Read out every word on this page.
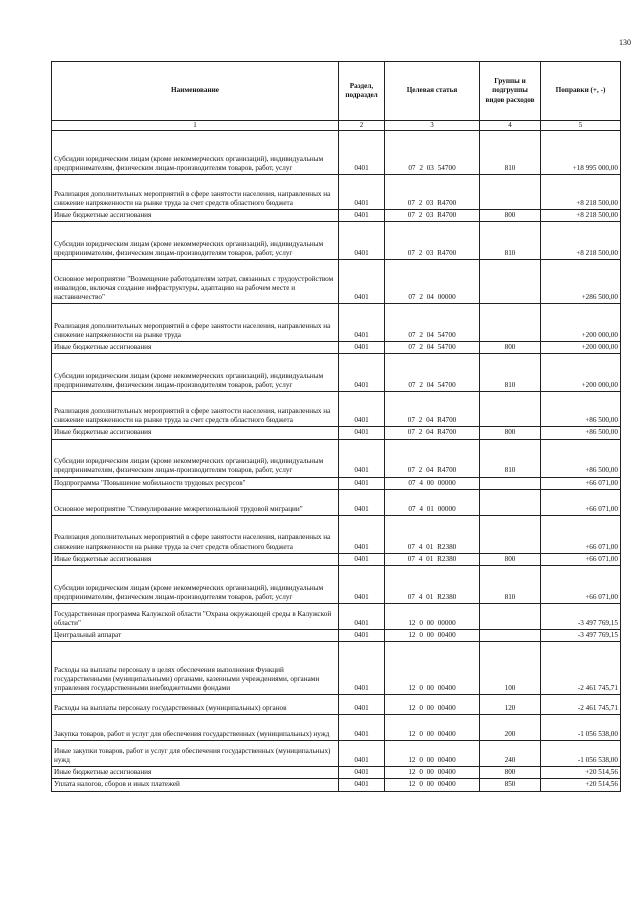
130
Наименование	Раздел, подраздел	Целевая статья	Группы и подгруппы видов расходов	Поправки (+, -)
1	2	3	4	5
Субсидии юридическим лицам (кроме некоммерческих организаций), индивидуальным предпринимателям, физическим лицам-производителям товаров, работ, услуг	0401	07 2 03 54700	810	+18 995 000,00
Реализация дополнительных мероприятий в сфере занятости населения, направленных на снижение напряженности на рынке труда за счет средств областного бюджета	0401	07 2 03 R4700		+8 218 500,00
Иные бюджетные ассигнования	0401	07 2 03 R4700	800	+8 218 500,00
Субсидии юридическим лицам (кроме некоммерческих организаций), индивидуальным предпринимателям, физическим лицам-производителям товаров, работ, услуг	0401	07 2 03 R4700	810	+8 218 500,00
Основное мероприятие "Возмещение работодателям затрат, связанных с трудоустройством инвалидов, включая создание инфраструктуры, адаптацию на рабочем месте и наставничество"	0401	07 2 04 00000		+286 500,00
Реализация дополнительных мероприятий в сфере занятости населения, направленных на снижение напряженности на рынке труда	0401	07 2 04 54700		+200 000,00
Иные бюджетные ассигнования	0401	07 2 04 54700	800	+200 000,00
Субсидии юридическим лицам (кроме некоммерческих организаций), индивидуальным предпринимателям, физическим лицам-производителям товаров, работ, услуг	0401	07 2 04 54700	810	+200 000,00
Реализация дополнительных мероприятий в сфере занятости населения, направленных на снижение напряженности на рынке труда за счет средств областного бюджета	0401	07 2 04 R4700		+86 500,00
Иные бюджетные ассигнования	0401	07 2 04 R4700	800	+86 500,00
Субсидии юридическим лицам (кроме некоммерческих организаций), индивидуальным предпринимателям, физическим лицам-производителям товаров, работ, услуг	0401	07 2 04 R4700	810	+86 500,00
Подпрограмма "Повышение мобильности трудовых ресурсов"	0401	07 4 00 00000		+66 071,00
Основное мероприятие "Стимулирование межрегиональной трудовой миграции"	0401	07 4 01 00000		+66 071,00
Реализация дополнительных мероприятий в сфере занятости населения, направленных на снижение напряженности на рынке труда за счет средств областного бюджета	0401	07 4 01 R2380		+66 071,00
Иные бюджетные ассигнования	0401	07 4 01 R2380	800	+66 071,00
Субсидии юридическим лицам (кроме некоммерческих организаций), индивидуальным предпринимателям, физическим лицам-производителям товаров, работ, услуг	0401	07 4 01 R2380	810	+66 071,00
Государственная программа Калужской области "Охрана окружающей среды в Калужской области"	0401	12 0 00 00000		-3 497 769,15
Центральный аппарат	0401	12 0 00 00400		-3 497 769,15
Расходы на выплаты персоналу в целях обеспечения выполнения Функций государственными (муниципальными) органами, казенными учреждениями, органами управления государственными внебюджетными фондами	0401	12 0 00 00400	100	-2 461 745,71
Расходы на выплаты персоналу государственных (муниципальных) органов	0401	12 0 00 00400	120	-2 461 745,71
Закупка товаров, работ и услуг для обеспечения государственных (муниципальных) нужд	0401	12 0 00 00400	200	-1 056 538,00
Иные закупки товаров, работ и услуг для обеспечения государственных (муниципальных) нужд	0401	12 0 00 00400	240	-1 056 538,00
Иные бюджетные ассигнования	0401	12 0 00 00400	800	+20 514,56
Уплата налогов, сборов и иных платежей	0401	12 0 00 00400	850	+20 514,56
